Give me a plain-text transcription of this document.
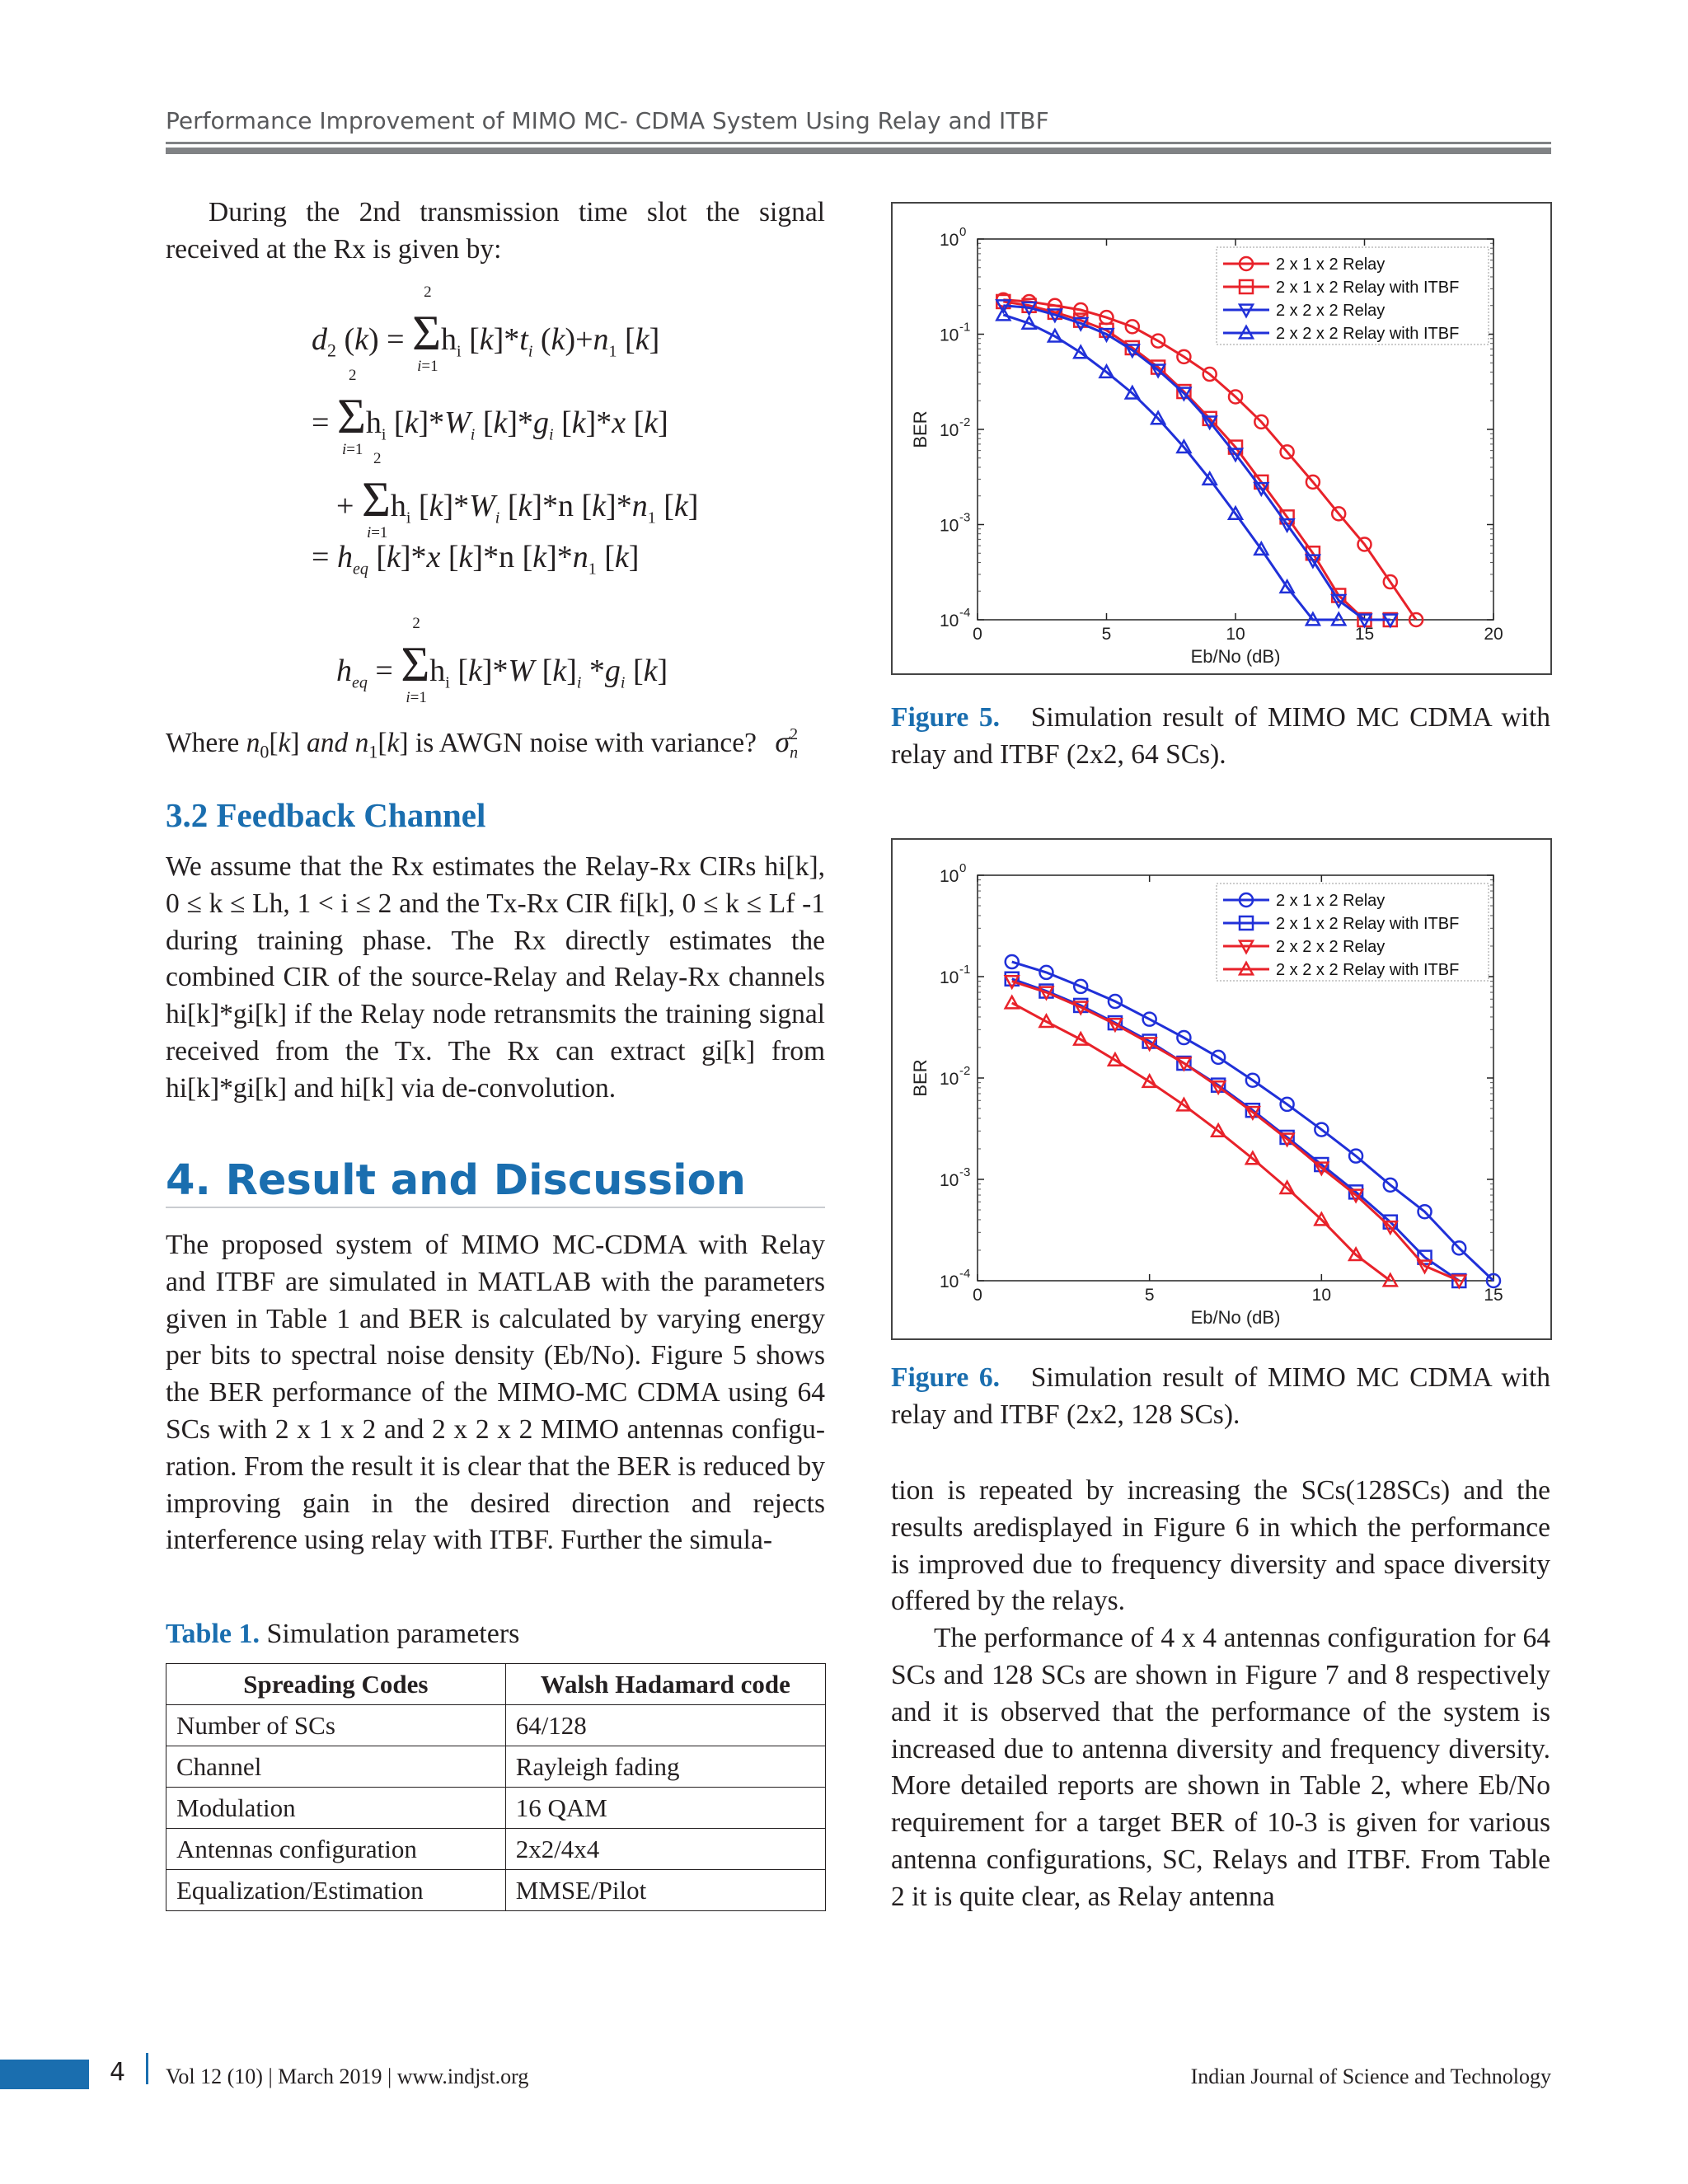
Performance Improvement of MIMO MC- CDMA System Using Relay and ITBF

During the 2nd transmission time slot the signal received at the Rx is given by:

$d_2$ (k) =
2
Σ
i=1
$h_i$ $[k]*t_i$ $(k)+n_1$ [k]
=
2
Σ
i=1
$h_i$ $[k]*W_i$ $[k]*g_i$ [k]*x [k]
+
2
Σ
i=1
$h_i$ $[k]*W_i$ [k]*n $[k]*n_1$ [k]
= $h_{eq}$ [k]*x [k]*n $[k]*n_1$ [k]
$h_{eq}$ =
2
Σ
i=1
$h_i$ [k]*W $[k]_i$ $*g_i$ [k]
Where $n_0[k]$ and $n_1[k]$ is AWGN noise with variance? σ 2
$_n$
3.2 Feedback Channel

We assume that the Rx estimates the Relay-Rx CIRs hi[k], 0 ≤ k ≤ Lh, 1 < i ≤ 2 and the Tx-Rx CIR fi[k], 0 ≤ k ≤ Lf -1 during training phase. The Rx directly estimates the combined CIR of the source-Relay and Relay-Rx channels hi[k]*gi[k] if the Relay node retransmits the training signal received from the Tx. The Rx can extract gi[k] from hi[k]*gi[k] and hi[k] via de-convolution.

4. Result and Discussion

The proposed system of MIMO MC-CDMA with Relay and ITBF are simulated in MATLAB with the parameters given in Table 1 and BER is calculated by varying energy per bits to spectral noise density (Eb/No). Figure 5 shows the BER performance of the MIMO-MC CDMA using 64 SCs with 2 x 1 x 2 and 2 x 2 x 2 MIMO antennas configu-ration. From the result it is clear that the BER is reduced by improving gain in the desired direction and rejects interference using relay with ITBF. Further the simula-

Table 1. Simulation parameters
Spreading Codes	Walsh Hadamard code
Number of SCs	64/128
Channel	Rayleigh fading
Modulation	16 QAM
Antennas configuration	2x2/4x4
Equalization/Estimation	MMSE/Pilot
10 -4
10 -3
10 -2
10 -1
10 0
0	5	10	15	20
BER
Eb/No (dB)
2 x 1 x 2 Relay
2 x 1 x 2 Relay with ITBF
2 x 2 x 2 Relay
2 x 2 x 2 Relay with ITBF
Figure 5. Simulation result of MIMO MC CDMA with relay and ITBF (2x2, 64 SCs).
10 -4
10 -3
10 -2
10 -1
10 0
0	5	10	15
BER
Eb/No (dB)
2 x 1 x 2 Relay
2 x 1 x 2 Relay with ITBF
2 x 2 x 2 Relay
2 x 2 x 2 Relay with ITBF
Figure 6. Simulation result of MIMO MC CDMA with relay and ITBF (2x2, 128 SCs).

tion is repeated by increasing the SCs(128SCs) and the results aredisplayed in Figure 6 in which the performance is improved due to frequency diversity and space diversity offered by the relays.

The performance of 4 x 4 antennas configuration for 64 SCs and 128 SCs are shown in Figure 7 and 8 respectively and it is observed that the performance of the system is increased due to antenna diversity and frequency diversity. More detailed reports are shown in Table 2, where Eb/No requirement for a target BER of 10-3 is given for various antenna configurations, SC, Relays and ITBF. From Table 2 it is quite clear, as Relay antenna

4 Vol 12 (10) | March 2019 | www.indjst.org	Indian Journal of Science and Technology
